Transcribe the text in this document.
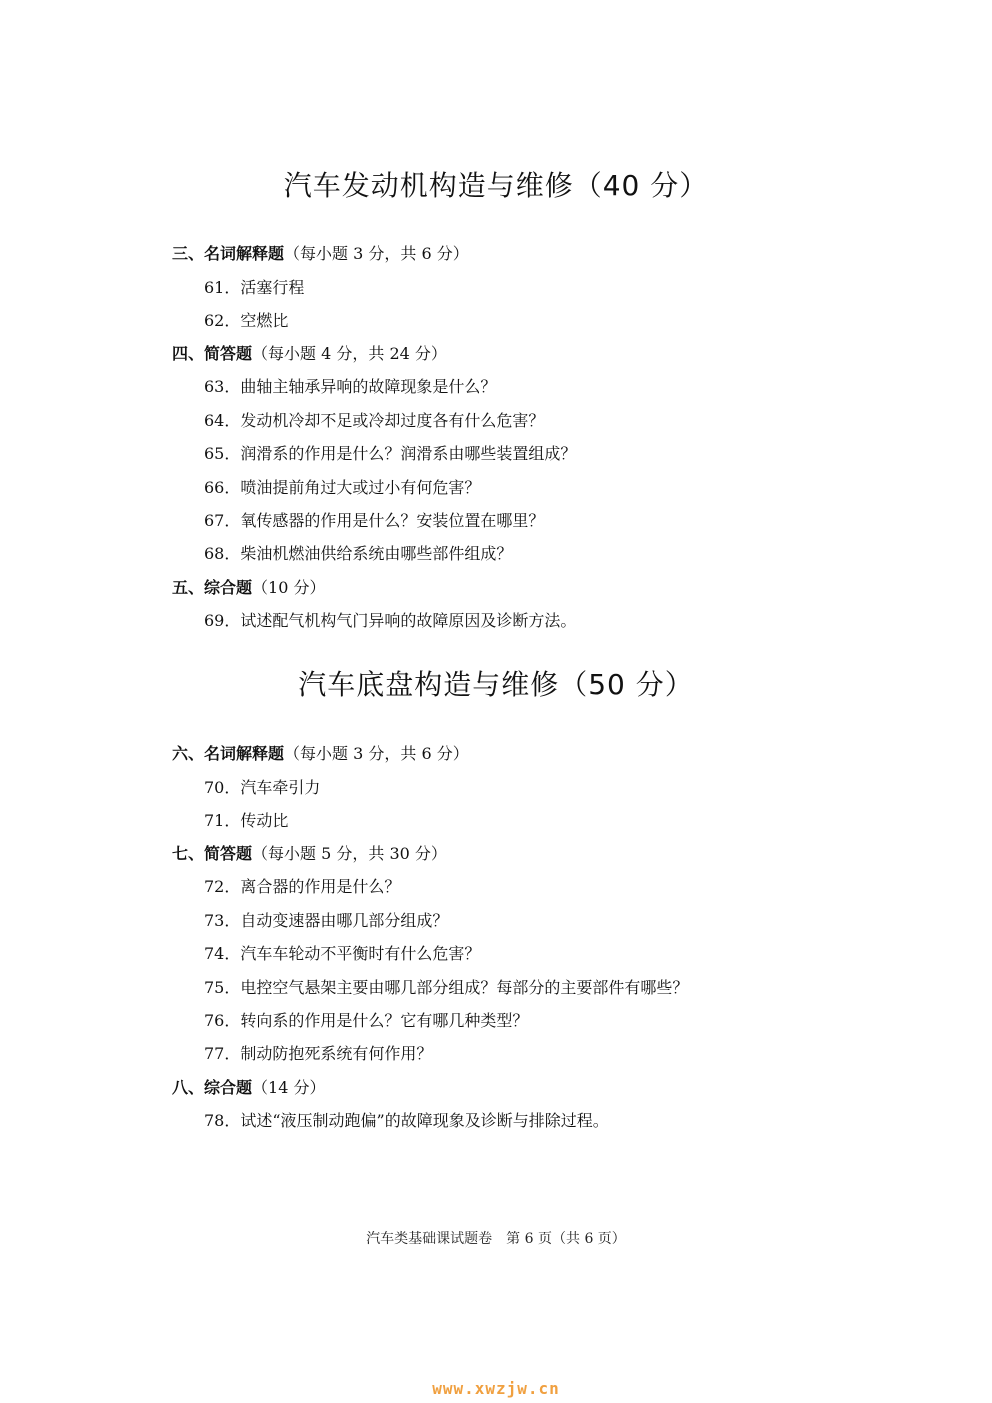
汽车发动机构造与维修（40 分）
三、名词解释题（每小题 3 分，共 6 分）
61．活塞行程
62．空燃比
四、简答题（每小题 4 分，共 24 分）
63．曲轴主轴承异响的故障现象是什么？
64．发动机冷却不足或冷却过度各有什么危害？
65．润滑系的作用是什么？润滑系由哪些装置组成？
66．喷油提前角过大或过小有何危害？
67．氧传感器的作用是什么？安装位置在哪里？
68．柴油机燃油供给系统由哪些部件组成？
五、综合题（10 分）
69．试述配气机构气门异响的故障原因及诊断方法。
汽车底盘构造与维修（50 分）
六、名词解释题（每小题 3 分，共 6 分）
70．汽车牵引力
71．传动比
七、简答题（每小题 5 分，共 30 分）
72．离合器的作用是什么？
73．自动变速器由哪几部分组成？
74．汽车车轮动不平衡时有什么危害？
75．电控空气悬架主要由哪几部分组成？每部分的主要部件有哪些？
76．转向系的作用是什么？它有哪几种类型？
77．制动防抱死系统有何作用？
八、综合题（14 分）
78．试述“液压制动跑偏”的故障现象及诊断与排除过程。
汽车类基础课试题卷　第 6 页（共 6 页）
www.xwzjw.cn
